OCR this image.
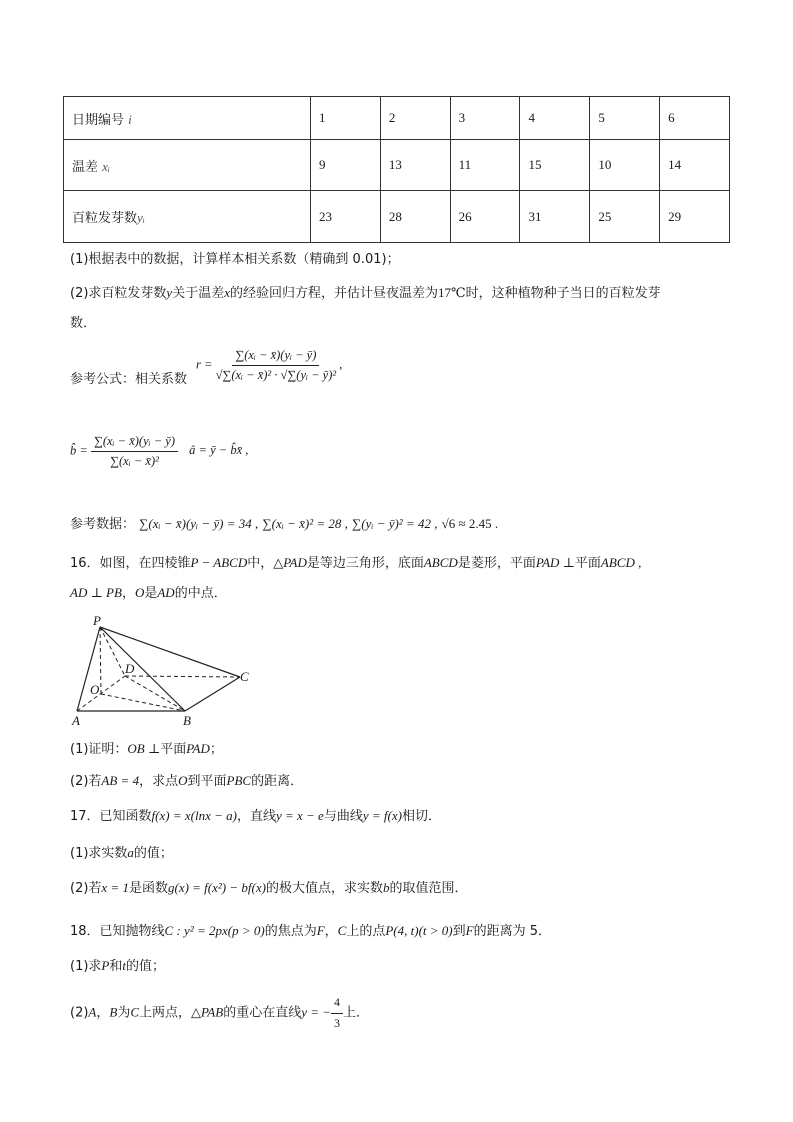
日期编号 i	1	2	3	4	5	6
温差 xᵢ	9	13	11	15	10	14
百粒发芽数yᵢ	23	28	26	31	25	29
(1)根据表中的数据，计算样本相关系数（精确到 0.01)；
(2)求百粒发芽数y关于温差x的经验回归方程，并估计昼夜温差为17℃时，这种植物种子当日的百粒发芽
数．
参考公式：相关系数
$r = \frac{\text{∑(xᵢ − x̄)(yᵢ − ȳ)}}{\text{√∑(xᵢ − x̄)² · √∑(yᵢ − ȳ)²}}$ ,
b̂ = $\frac{\text{∑(xᵢ − x̄)(yᵢ − ȳ)}}{\text{∑(xᵢ − x̄)²}}$ â = ȳ − b̂x̄ ,
参考数据： ∑(xᵢ − x̄)(yᵢ − ȳ) = 34 , ∑(xᵢ − x̄)² = 28 , ∑(yᵢ − ȳ)² = 42 , √6 ≈ 2.45 .
16．如图，在四棱锥P − ABCD中，△PAD是等边三角形，底面ABCD是菱形，平面PAD ⊥平面ABCD ,
AD ⊥ PB，O是AD的中点．
P
D
C
O
A	B
(1)证明：OB ⊥平面PAD；
(2)若AB = 4，求点O到平面PBC的距离．
17．已知函数f(x) = x(lnx − a)，直线y = x − e与曲线y = f(x)相切．
(1)求实数a的值；
(2)若x = 1是函数g(x) = f(x²) − bf(x)的极大值点，求实数b的取值范围．
18．已知抛物线C : y² = 2px(p > 0)的焦点为F，C上的点P(4, t)(t > 0)到F的距离为 5．
(1)求P和t的值；
(2)A，B为C上两点，△PAB的重心在直线y = − $\frac{4}{3}$ 上．
